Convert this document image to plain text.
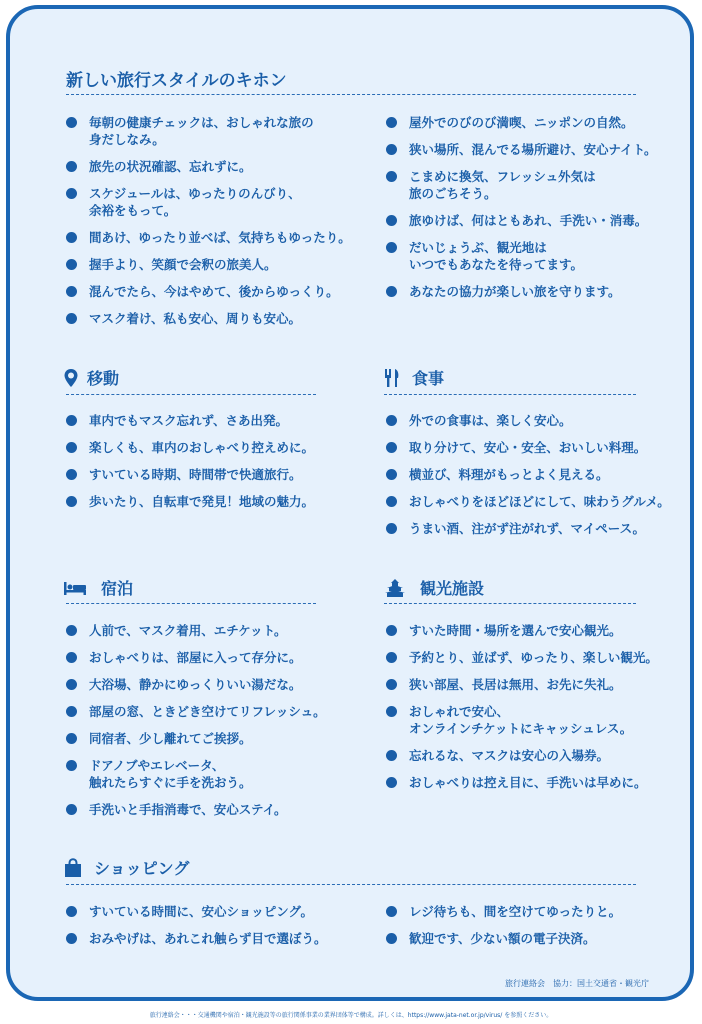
新しい旅行スタイルのキホン
毎朝の健康チェックは、おしゃれな旅の
身だしなみ。
旅先の状況確認、忘れずに。
スケジュールは、ゆったりのんびり、
余裕をもって。
間あけ、ゆったり並べば、気持ちもゆったり。
握手より、笑顔で会釈の旅美人。
混んでたら、今はやめて、後からゆっくり。
マスク着け、私も安心、周りも安心。
屋外でのびのび満喫、ニッポンの自然。
狭い場所、混んでる場所避け、安心ナイト。
こまめに換気、フレッシュ外気は
旅のごちそう。
旅ゆけば、何はともあれ、手洗い・消毒。
だいじょうぶ、観光地は
いつでもあなたを待ってます。
あなたの協力が楽しい旅を守ります。
移動
車内でもマスク忘れず、さあ出発。
楽しくも、車内のおしゃべり控えめに。
すいている時期、時間帯で快適旅行。
歩いたり、自転車で発見！地域の魅力。
食事
外での食事は、楽しく安心。
取り分けて、安心・安全、おいしい料理。
横並び、料理がもっとよく見える。
おしゃべりをほどほどにして、味わうグルメ。
うまい酒、注がず注がれず、マイペース。
宿泊
人前で、マスク着用、エチケット。
おしゃべりは、部屋に入って存分に。
大浴場、静かにゆっくりいい湯だな。
部屋の窓、ときどき空けてリフレッシュ。
同宿者、少し離れてご挨拶。
ドアノブやエレベータ、
触れたらすぐに手を洗おう。
手洗いと手指消毒で、安心ステイ。
観光施設
すいた時間・場所を選んで安心観光。
予約とり、並ばず、ゆったり、楽しい観光。
狭い部屋、長居は無用、お先に失礼。
おしゃれで安心、
オンラインチケットにキャッシュレス。
忘れるな、マスクは安心の入場券。
おしゃべりは控え目に、手洗いは早めに。
ショッピング
すいている時間に、安心ショッピング。
おみやげは、あれこれ触らず目で選ぼう。
レジ待ちも、間を空けてゆったりと。
歓迎です、少ない額の電子決済。
旅行連絡会　協力：国土交通省・観光庁
旅行連絡会・・・交通機関や宿泊・観光施設等の旅行関係事業の業界団体等で構成。詳しくは、https://www.jata-net.or.jp/virus/ を参照ください。
